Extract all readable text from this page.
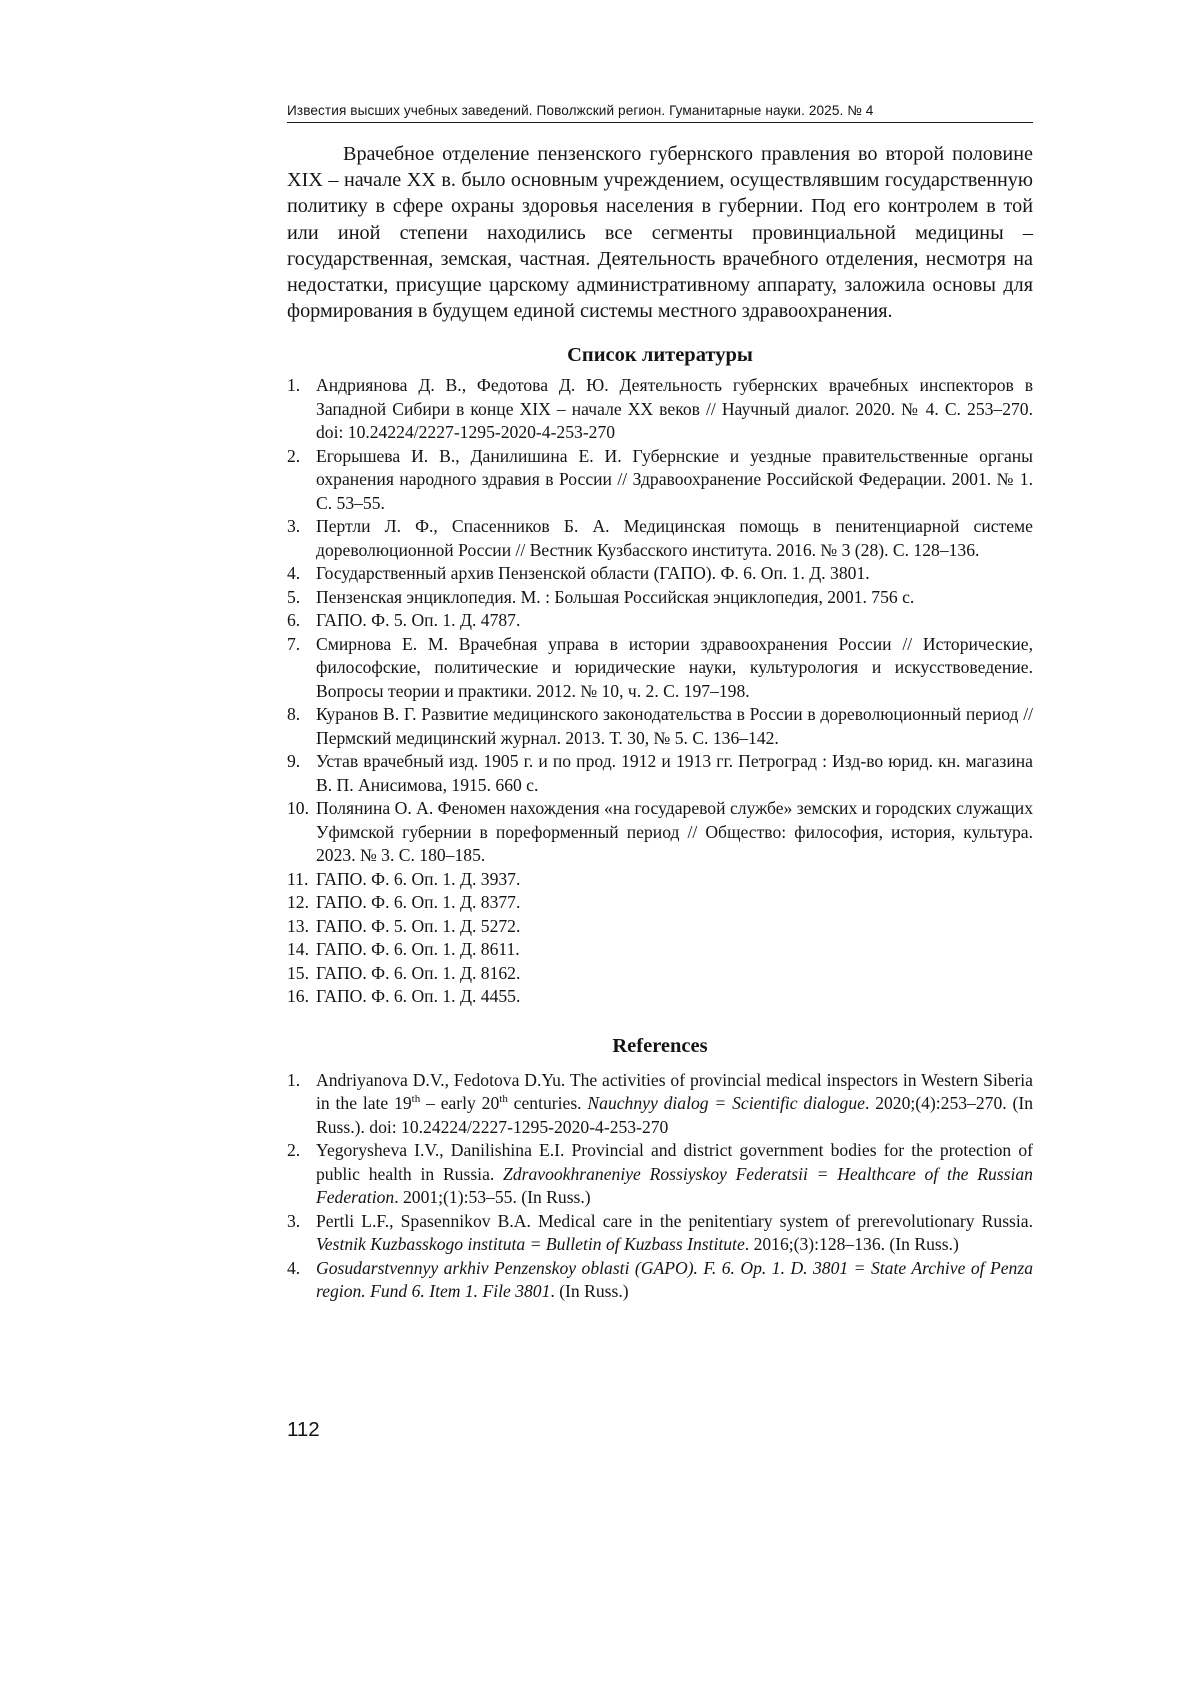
Известия высших учебных заведений. Поволжский регион. Гуманитарные науки. 2025. № 4

Врачебное отделение пензенского губернского правления во второй половине XIX – начале XX в. было основным учреждением, осуществлявшим государственную политику в сфере охраны здоровья населения в губернии. Под его контролем в той или иной степени находились все сегменты провинциальной медицины – государственная, земская, частная. Деятельность врачебного отделения, несмотря на недостатки, присущие царскому административному аппарату, заложила основы для формирования в будущем единой системы местного здравоохранения.

Список литературы
1. Андриянова Д. В., Федотова Д. Ю. Деятельность губернских врачебных инспекторов в Западной Сибири в конце XIX – начале XX веков // Научный диалог. 2020. № 4. С. 253–270. doi: 10.24224/2227-1295-2020-4-253-270
2. Егорышева И. В., Данилишина Е. И. Губернские и уездные правительственные органы охранения народного здравия в России // Здравоохранение Российской Федерации. 2001. № 1. С. 53–55.
3. Пертли Л. Ф., Спасенников Б. А. Медицинская помощь в пенитенциарной системе дореволюционной России // Вестник Кузбасского института. 2016. № 3 (28). С. 128–136.
4. Государственный архив Пензенской области (ГАПО). Ф. 6. Оп. 1. Д. 3801.
5. Пензенская энциклопедия. М. : Большая Российская энциклопедия, 2001. 756 с.
6. ГАПО. Ф. 5. Оп. 1. Д. 4787.
7. Смирнова Е. М. Врачебная управа в истории здравоохранения России // Исторические, философские, политические и юридические науки, культурология и искусствоведение. Вопросы теории и практики. 2012. № 10, ч. 2. С. 197–198.
8. Куранов В. Г. Развитие медицинского законодательства в России в дореволюционный период // Пермский медицинский журнал. 2013. Т. 30, № 5. С. 136–142.
9. Устав врачебный изд. 1905 г. и по прод. 1912 и 1913 гг. Петроград : Изд-во юрид. кн. магазина В. П. Анисимова, 1915. 660 с.
10. Полянина О. А. Феномен нахождения «на государевой службе» земских и городских служащих Уфимской губернии в пореформенный период // Общество: философия, история, культура. 2023. № 3. С. 180–185.
11. ГАПО. Ф. 6. Оп. 1. Д. 3937.
12. ГАПО. Ф. 6. Оп. 1. Д. 8377.
13. ГАПО. Ф. 5. Оп. 1. Д. 5272.
14. ГАПО. Ф. 6. Оп. 1. Д. 8611.
15. ГАПО. Ф. 6. Оп. 1. Д. 8162.
16. ГАПО. Ф. 6. Оп. 1. Д. 4455.
References
1. Andriyanova D.V., Fedotova D.Yu. The activities of provincial medical inspectors in Western Siberia in the late 19th – early 20th centuries. Nauchnyy dialog = Scientific dialogue. 2020;(4):253–270. (In Russ.). doi: 10.24224/2227-1295-2020-4-253-270
2. Yegorysheva I.V., Danilishina E.I. Provincial and district government bodies for the protection of public health in Russia. Zdravookhraneniye Rossiyskoy Federatsii = Healthcare of the Russian Federation. 2001;(1):53–55. (In Russ.)
3. Pertli L.F., Spasennikov B.A. Medical care in the penitentiary system of prerevolutionary Russia. Vestnik Kuzbasskogo instituta = Bulletin of Kuzbass Institute. 2016;(3):128–136. (In Russ.)
4. Gosudarstvennyy arkhiv Penzenskoy oblasti (GAPO). F. 6. Op. 1. D. 3801 = State Archive of Penza region. Fund 6. Item 1. File 3801. (In Russ.)
112
